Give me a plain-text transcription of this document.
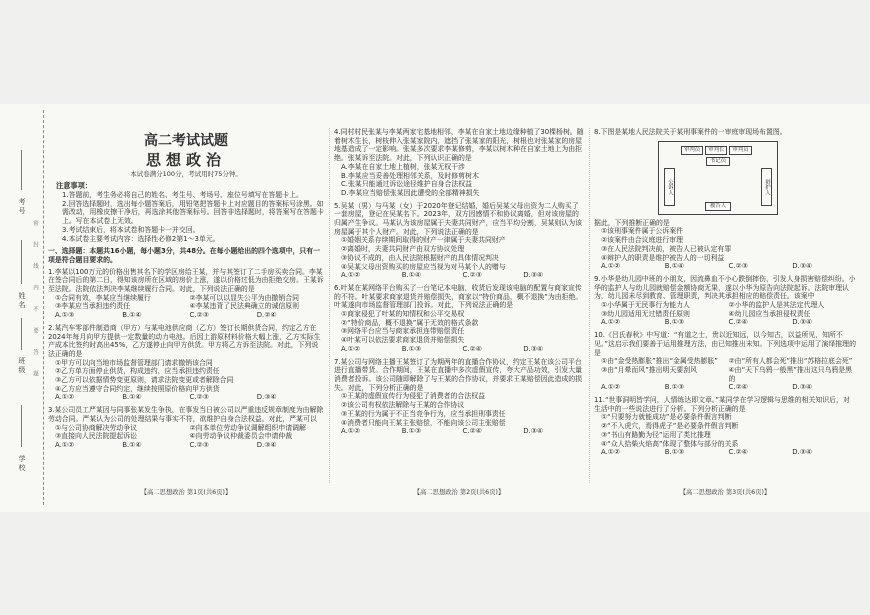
考号
姓名
班级
学校
密封线内不要答题
高二考试试题
思想政治
本试卷满分100分，考试用时75分钟。
注意事项：
1.答题前，考生务必将自己的姓名、考生号、考场号、座位号填写在答题卡上。
2.回答选择题时，选出每小题答案后，用铅笔把答题卡上对应题目的答案标号涂黑。如需改动，用橡皮擦干净后，再选涂其他答案标号。回答非选择题时，将答案写在答题卡上。写在本试卷上无效。
3.考试结束后，将本试卷和答题卡一并交回。
4.本试卷主要考试内容：选择性必修2第1～3单元。
一、选择题：本题共16小题，每小题3分，共48分。在每小题给出的四个选项中，只有一项是符合题目要求的。
1.李某以100万元的价格出售其名下的学区房给王某，并与其签订了二手房买卖合同。李某在签合同后的第二日，得知该房所在区域的房价上涨，遂以价格过低为由拒绝交房。王某诉至法院。法院依法判决李某继续履行合同。对此，下列说法正确的是
①合同有效，李某应当继续履行	②李某可以以显失公平为由撤销合同
③李某应当承担违约责任	④李某违背了民法典确立的诚信原则
A.①③	B.①④	C.②③	D.②④
2.某汽车零部件制造商（甲方）与某电池供应商（乙方）签订长期供货合同，约定乙方在2024年每月向甲方提供一定数量的动力电池。后因上游原材料价格大幅上涨，乙方实际生产成本比签约时高出45%，乙方遂停止向甲方供货。甲方将乙方诉至法院。对此，下列说法正确的是
①甲方可以向当地市场监督管理部门请求撤销该合同
②乙方单方面停止供货，构成违约，应当承担违约责任
③乙方可以依据情势变更原则，请求法院变更或者解除合同
④乙方应当遵守合同约定，继续按照原价格向甲方供货
A.①②	B.①④	C.②③	D.③④
3.某公司员工严某因与同事张某发生争执，在事发当日被公司以严重违反规章制度为由解除劳动合同。严某认为公司的处理结果与事实不符，欲维护自身合法权益。对此，严某可以
①与公司协商解决劳动争议	②向本单位劳动争议调解组织申请调解
③直接向人民法院提起诉讼	④向劳动争议仲裁委员会申请仲裁
A.①②	B.①④	C.②③	D.③④
4.同村村民张某与李某两家宅基地相邻，李某在自家土地边缘种植了30棵杨树。随着树木生长，树枝伸入张某家院内，遮挡了张某家的阳光，树根也对张某家的房屋地基造成了一定影响。张某多次要求李某修剪，李某以树木种在自家土地上为由拒绝。张某诉至法院。对此，下列认识正确的是
A.李某在自家土地上植树，张某无权干涉
B.李某应当妥善处理相邻关系，及时修剪树木
C.张某只能通过诉讼途径维护自身合法权益
D.李某应当赔偿张某因此遭受的全部精神损失
5.吴某（男）与马某（女）于2020年登记结婚，婚后吴某父母出资为二人购买了一套房屋，登记在吴某名下。2023年，双方因感情不和协议离婚，但对该房屋的归属产生争议。马某认为该房屋属于夫妻共同财产，应当平均分割，吴某则认为该房屋属于其个人财产。对此，下列说法正确的是
①婚姻关系存续期间取得的财产一律属于夫妻共同财产
②离婚时，夫妻共同财产由双方协议处理
③协议不成的，由人民法院根据财产的具体情况判决
④吴某父母出资购买的房屋应当视为对马某个人的赠与
A.①②	B.①④	C.②③	D.③④
6.叶某在某网络平台购买了一台笔记本电脑，收货后发现该电脑的配置与商家宣传的不符。叶某要求商家退货并赔偿损失，商家以“特价商品，概不退换”为由拒绝。叶某遂向市场监督管理部门投诉。对此，下列说法正确的是
①商家侵犯了叶某的知情权和公平交易权
②“特价商品，概不退换”属于无效的格式条款
③网络平台应当与商家承担连带赔偿责任
④叶某可以依法要求商家退货并赔偿损失
A.①②	B.①③	C.②④	D.③④
7.某公司与网络主播王某签订了为期两年的直播合作协议，约定王某在该公司平台进行直播带货。合作期间，王某在直播中多次虚假宣传，夸大产品功效，引发大量消费者投诉。该公司随即解除了与王某的合作协议，并要求王某赔偿因此造成的损失。对此，下列分析正确的是
①王某的虚假宣传行为侵犯了消费者的合法权益
②该公司有权依法解除与王某的合作协议
③王某的行为属于不正当竞争行为，应当承担刑事责任
④消费者只能向王某主张赔偿，不能向该公司主张赔偿
A.①②	B.①③	C.②④	D.③④
8.下图是某地人民法院关于某刑事案件的一审庭审现场布置图。
审判员	审判长	审判员
书记员
公诉人	辩护人
被告人
据此，下列推断正确的是
①该刑事案件属于公诉案件
②该案件由合议庭进行审理
③在人民法院判决前，被告人已被认定有罪
④辩护人的职责是维护被告人的一切利益
A.①②	B.①④	C.②③	D.③④
9.小华是幼儿园中班的小朋友，因流鼻血不小心跌倒摔伤，引发人身损害赔偿纠纷。小华的监护人与幼儿园就赔偿金额协商无果，遂以小华为原告向法院起诉。法院审理认为，幼儿园未尽到教育、管理职责，判决其承担相应的赔偿责任。该案中
①小华属于无民事行为能力人	②小华的监护人是其法定代理人
③幼儿园适用无过错责任原则	④幼儿园应当承担侵权责任
A.①②	B.①③	C.②④	D.③④
10.《吕氏春秋》中写道：“有道之士，贵以近知远，以今知古，以益所见，知所不见。”这启示我们要善于运用推理方法，由已知推出未知。下列选项中运用了演绎推理的是
①由“金受热膨胀”推出“金属受热膨胀”	②由“所有人都会死”推出“苏格拉底会死”
③由“月晕而风”推出明天要刮风	④由“天下乌鸦一般黑”推出这只乌鸦是黑的
A.①②	B.①③	C.②④	D.③④
11.“世事洞明皆学问，人情练达即文章。”某同学在学习逻辑与思维的相关知识后，对生活中的一些说法进行了分析。下列分析正确的是
①“只要努力就能成功”是必要条件假言判断
②“不入虎穴，焉得虎子”是必要条件假言判断
③“书山有路勤为径”运用了类比推理
④“众人拾柴火焰高”体现了整体与部分的关系
A.①②	B.①③	C.②④	D.③④
【高二思想政治 第1页(共6页)】	【高二思想政治 第2页(共6页)】	【高二思想政治 第3页(共6页)】
